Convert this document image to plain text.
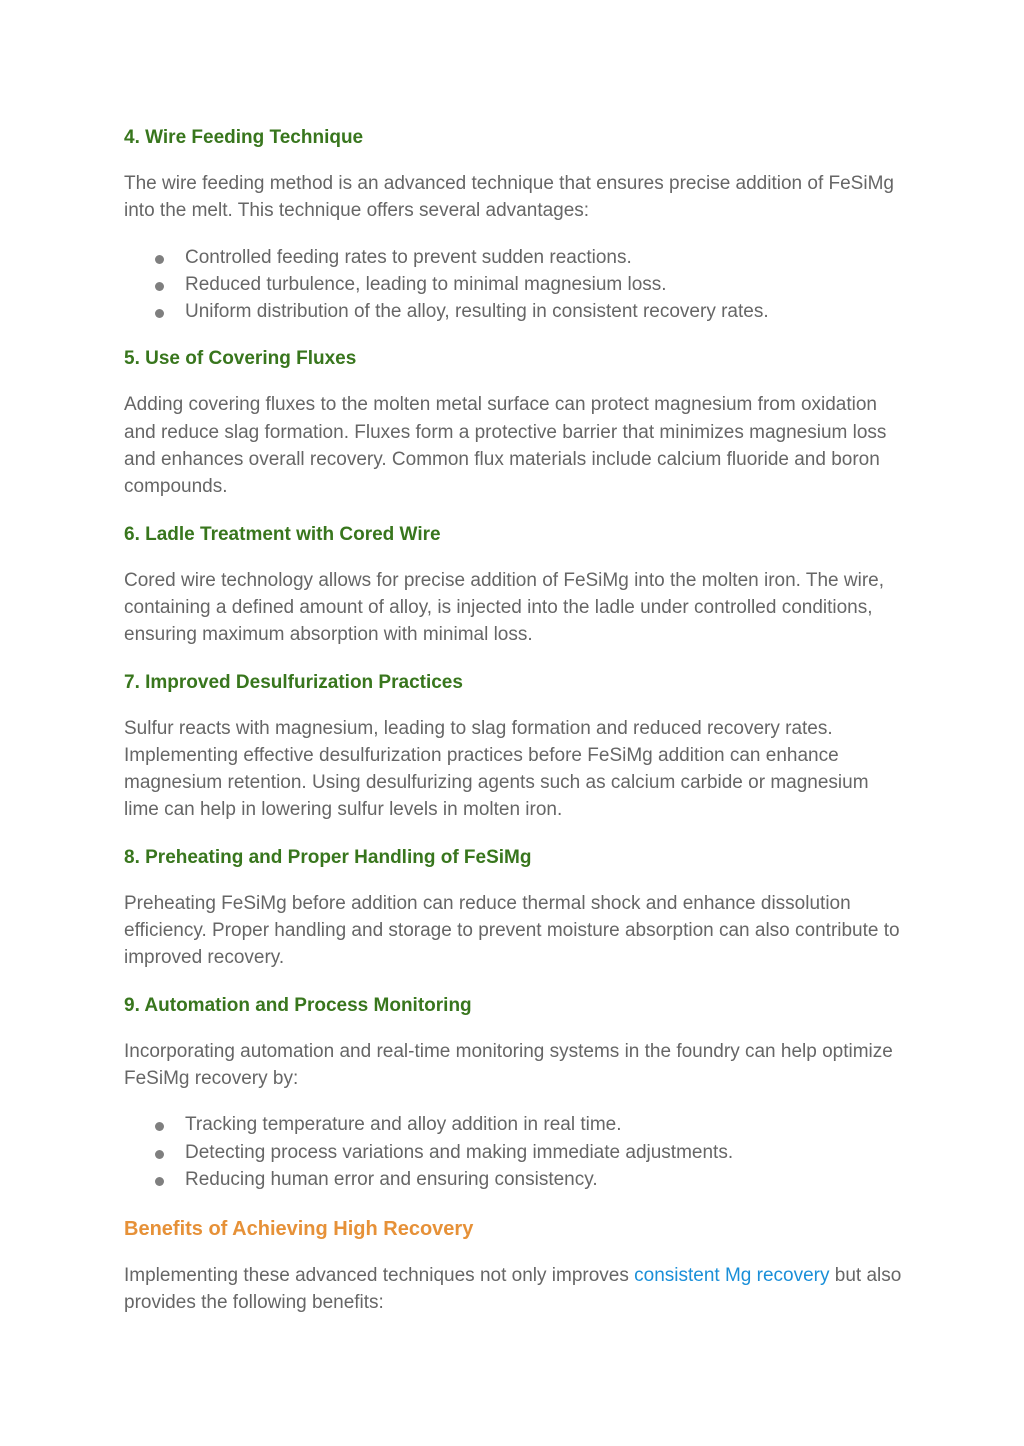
4. Wire Feeding Technique

The wire feeding method is an advanced technique that ensures precise addition of FeSiMg into the melt. This technique offers several advantages:

Controlled feeding rates to prevent sudden reactions.
Reduced turbulence, leading to minimal magnesium loss.
Uniform distribution of the alloy, resulting in consistent recovery rates.
5. Use of Covering Fluxes

Adding covering fluxes to the molten metal surface can protect magnesium from oxidation and reduce slag formation. Fluxes form a protective barrier that minimizes magnesium loss and enhances overall recovery. Common flux materials include calcium fluoride and boron compounds.

6. Ladle Treatment with Cored Wire

Cored wire technology allows for precise addition of FeSiMg into the molten iron. The wire, containing a defined amount of alloy, is injected into the ladle under controlled conditions, ensuring maximum absorption with minimal loss.

7. Improved Desulfurization Practices

Sulfur reacts with magnesium, leading to slag formation and reduced recovery rates. Implementing effective desulfurization practices before FeSiMg addition can enhance magnesium retention. Using desulfurizing agents such as calcium carbide or magnesium lime can help in lowering sulfur levels in molten iron.

8. Preheating and Proper Handling of FeSiMg

Preheating FeSiMg before addition can reduce thermal shock and enhance dissolution efficiency. Proper handling and storage to prevent moisture absorption can also contribute to improved recovery.

9. Automation and Process Monitoring

Incorporating automation and real-time monitoring systems in the foundry can help optimize FeSiMg recovery by:

Tracking temperature and alloy addition in real time.
Detecting process variations and making immediate adjustments.
Reducing human error and ensuring consistency.
Benefits of Achieving High Recovery

Implementing these advanced techniques not only improves consistent Mg recovery but also provides the following benefits:
